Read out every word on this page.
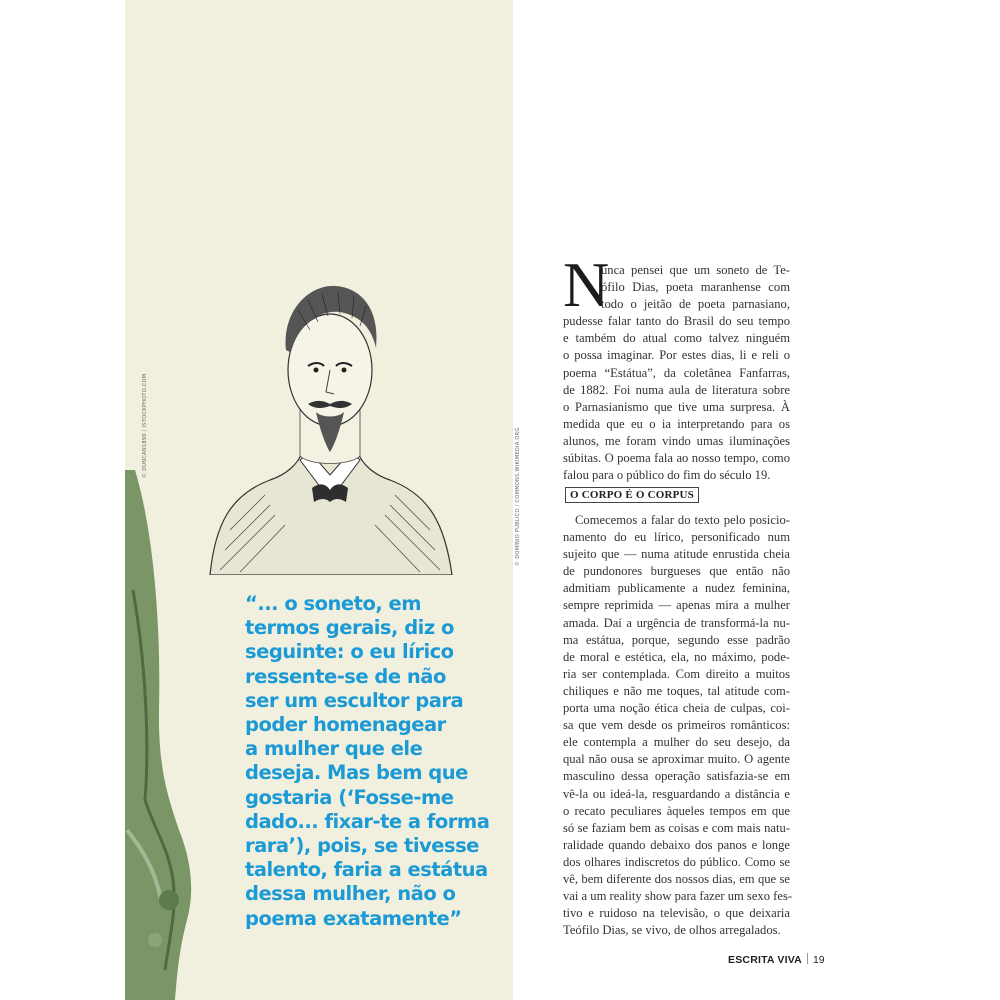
© DUNCAN1890 / ISTOCKPHOTO.COM
© DOMÍNIO PÚBLICO / COMMONS.WIKIMEDIA.ORG
“... o soneto, em
termos gerais, diz o
seguinte: o eu lírico
ressente-se de não
ser um escultor para
poder homenagear
a mulher que ele
deseja. Mas bem que
gostaria (‘Fosse-me
dado... fixar-te a forma
rara’), pois, se tivesse
talento, faria a estátua
dessa mulher, não o
poema exatamente”
N
unca pensei que um soneto de Te-
ófilo Dias, poeta maranhense com
todo o jeitão de poeta parnasiano,
pudesse falar tanto do Brasil do seu tempo
e também do atual como talvez ninguém
o possa imaginar. Por estes dias, li e reli o
poema “Estátua”, da coletânea Fanfarras,
de 1882. Foi numa aula de literatura sobre
o Parnasianismo que tive uma surpresa. À
medida que eu o ia interpretando para os
alunos, me foram vindo umas iluminações
súbitas. O poema fala ao nosso tempo, como
falou para o público do fim do século 19.
O CORPO É O CORPUS
Comecemos a falar do texto pelo posicio-
namento do eu lírico, personificado num
sujeito que — numa atitude enrustida cheia
de pundonores burgueses que então não
admitiam publicamente a nudez feminina,
sempre reprimida — apenas mira a mulher
amada. Daí a urgência de transformá-la nu-
ma estátua, porque, segundo esse padrão
de moral e estética, ela, no máximo, pode-
ria ser contemplada. Com direito a muitos
chiliques e não me toques, tal atitude com-
porta uma noção ética cheia de culpas, coi-
sa que vem desde os primeiros românticos:
ele contempla a mulher do seu desejo, da
qual não ousa se aproximar muito. O agente
masculino dessa operação satisfazia-se em
vê-la ou ideá-la, resguardando a distância e
o recato peculiares àqueles tempos em que
só se faziam bem as coisas e com mais natu-
ralidade quando debaixo dos panos e longe
dos olhares indiscretos do público. Como se
vê, bem diferente dos nossos dias, em que se
vai a um reality show para fazer um sexo fes-
tivo e ruidoso na televisão, o que deixaria
Teófilo Dias, se vivo, de olhos arregalados.
ESCRITA VIVA 19
